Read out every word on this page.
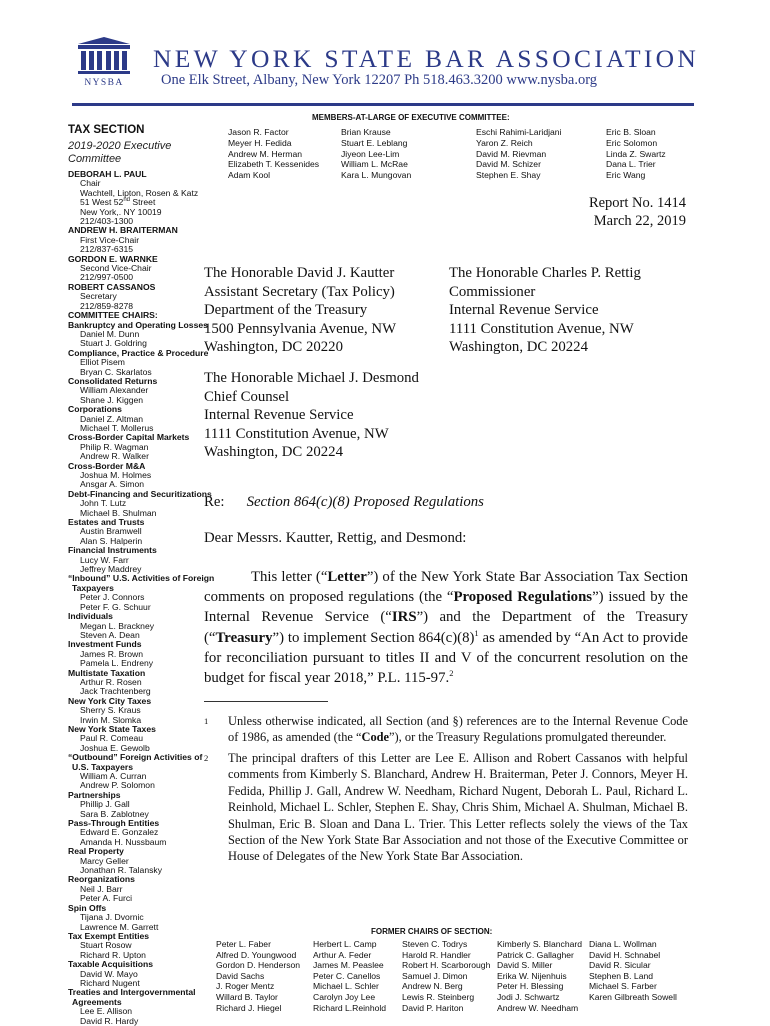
NYSBA
NEW YORK STATE BAR ASSOCIATION
One Elk Street, Albany, New York 12207 Ph 518.463.3200 www.nysba.org
TAX SECTION
2019-2020 Executive Committee
DEBORAH L. PAUL
Chair
Wachtell, Lipton, Rosen & Katz
51 West 52nd Street
New York,. NY 10019
212/403-1300
ANDREW H. BRAITERMAN
First Vice-Chair
212/837-6315
GORDON E. WARNKE
Second Vice-Chair
212/997-0500
ROBERT CASSANOS
Secretary
212/859-8278
COMMITTEE CHAIRS:
Bankruptcy and Operating Losses
Daniel M. Dunn
Stuart J. Goldring
Compliance, Practice & Procedure
Elliot Pisem
Bryan C. Skarlatos
Consolidated Returns
William Alexander
Shane J. Kiggen
Corporations
Daniel Z. Altman
Michael T. Mollerus
Cross-Border Capital Markets
Philip R. Wagman
Andrew R. Walker
Cross-Border M&A
Joshua M. Holmes
Ansgar A. Simon
Debt-Financing and Securitizations
John T. Lutz
Michael B. Shulman
Estates and Trusts
Austin Bramwell
Alan S. Halperin
Financial Instruments
Lucy W. Farr
Jeffrey Maddrey
“Inbound” U.S. Activities of Foreign
Taxpayers
Peter J. Connors
Peter F. G. Schuur
Individuals
Megan L. Brackney
Steven A. Dean
Investment Funds
James R. Brown
Pamela L. Endreny
Multistate Taxation
Arthur R. Rosen
Jack Trachtenberg
New York City Taxes
Sherry S. Kraus
Irwin M. Slomka
New York State Taxes
Paul R. Comeau
Joshua E. Gewolb
“Outbound” Foreign Activities of
U.S. Taxpayers
William A. Curran
Andrew P. Solomon
Partnerships
Phillip J. Gall
Sara B. Zablotney
Pass-Through Entities
Edward E. Gonzalez
Amanda H. Nussbaum
Real Property
Marcy Geller
Jonathan R. Talansky
Reorganizations
Neil J. Barr
Peter A. Furci
Spin Offs
Tijana J. Dvornic
Lawrence M. Garrett
Tax Exempt Entities
Stuart Rosow
Richard R. Upton
Taxable Acquisitions
David W. Mayo
Richard Nugent
Treaties and Intergovernmental
Agreements
Lee E. Allison
David R. Hardy
MEMBERS-AT-LARGE OF EXECUTIVE COMMITTEE:
Jason R. Factor
Meyer H. Fedida
Andrew M. Herman
Elizabeth T. Kessenides
Adam Kool
Brian Krause
Stuart E. Leblang
Jiyeon Lee-Lim
William L. McRae
Kara L. Mungovan
Eschi Rahimi-Laridjani
Yaron Z. Reich
David M. Rievman
David M. Schizer
Stephen E. Shay
Eric B. Sloan
Eric Solomon
Linda Z. Swartz
Dana L. Trier
Eric Wang
Report No. 1414
March 22, 2019
The Honorable David J. Kautter
Assistant Secretary (Tax Policy)
Department of the Treasury
1500 Pennsylvania Avenue, NW
Washington, DC 20220
The Honorable Charles P. Rettig
Commissioner
Internal Revenue Service
1111 Constitution Avenue, NW
Washington, DC 20224
The Honorable Michael J. Desmond
Chief Counsel
Internal Revenue Service
1111 Constitution Avenue, NW
Washington, DC 20224
Re: Section 864(c)(8) Proposed Regulations
Dear Messrs. Kautter, Rettig, and Desmond:
This letter (“Letter”) of the New York State Bar Association Tax Section comments on proposed regulations (the “Proposed Regulations”) issued by the Internal Revenue Service (“IRS”) and the Department of the Treasury (“Treasury”) to implement Section $864(c)(8)^1$ as amended by “An Act to provide for reconciliation pursuant to titles II and V of the concurrent resolution on the budget for fiscal year 2018,” P.L. 115-97.$^2$
1 Unless otherwise indicated, all Section (and §) references are to the Internal Revenue Code of 1986, as amended (the “Code”), or the Treasury Regulations promulgated thereunder.
2 The principal drafters of this Letter are Lee E. Allison and Robert Cassanos with helpful comments from Kimberly S. Blanchard, Andrew H. Braiterman, Peter J. Connors, Meyer H. Fedida, Phillip J. Gall, Andrew W. Needham, Richard Nugent, Deborah L. Paul, Richard L. Reinhold, Michael L. Schler, Stephen E. Shay, Chris Shim, Michael A. Shulman, Michael B. Shulman, Eric B. Sloan and Dana L. Trier. This Letter reflects solely the views of the Tax Section of the New York State Bar Association and not those of the Executive Committee or House of Delegates of the New York State Bar Association.
FORMER CHAIRS OF SECTION:
Peter L. Faber
Alfred D. Youngwood
Gordon D. Henderson
David Sachs
J. Roger Mentz
Willard B. Taylor
Richard J. Hiegel
Herbert L. Camp
Arthur A. Feder
James M. Peaslee
Peter C. Canellos
Michael L. Schler
Carolyn Joy Lee
Richard L.Reinhold
Steven C. Todrys
Harold R. Handler
Robert H. Scarborough
Samuel J. Dimon
Andrew N. Berg
Lewis R. Steinberg
David P. Hariton
Kimberly S. Blanchard
Patrick C. Gallagher
David S. Miller
Erika W. Nijenhuis
Peter H. Blessing
Jodi J. Schwartz
Andrew W. Needham
Diana L. Wollman
David H. Schnabel
David R. Sicular
Stephen B. Land
Michael S. Farber
Karen Gilbreath Sowell
